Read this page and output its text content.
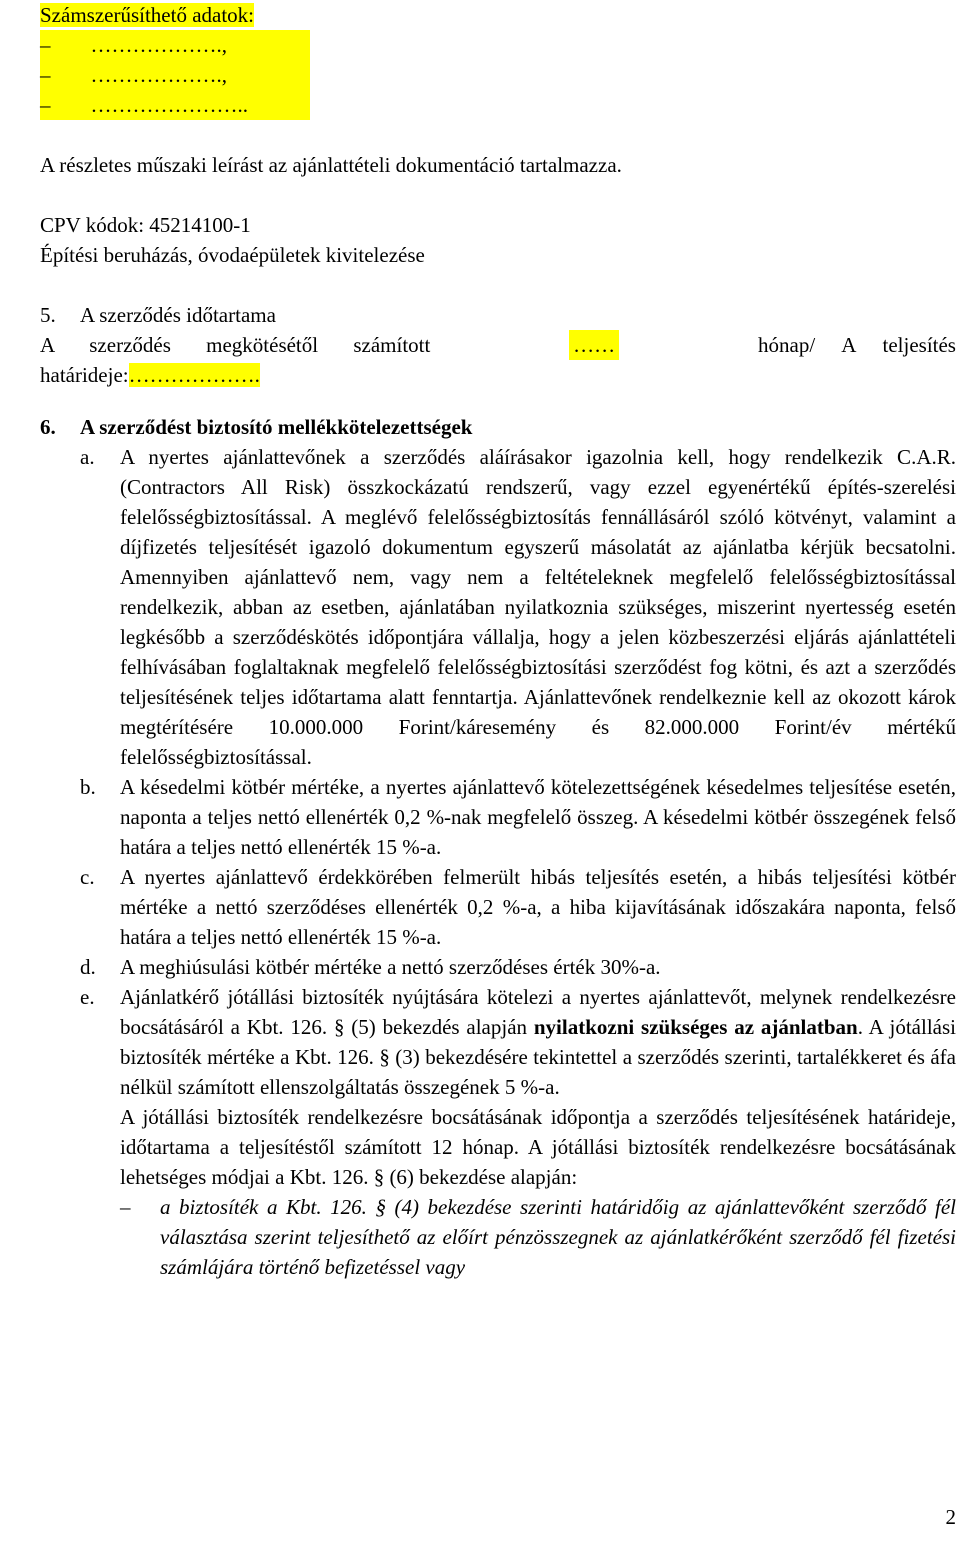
Számszerűsíthető adatok:
– ……………….,
– ……………….,
– …………………..
A részletes műszaki leírást az ajánlattételi dokumentáció tartalmazza.
CPV kódok: 45214100-1
Építési beruházás, óvodaépületek kivitelezése
5. A szerződés időtartama
A szerződés megkötésétől számított	……	hónap/ A teljesítés
határideje:……………….
6. A szerződést biztosító mellékkötelezettségek
a. A nyertes ajánlattevőnek a szerződés aláírásakor igazolnia kell, hogy rendelkezik C.A.R. (Contractors All Risk) összkockázatú rendszerű, vagy ezzel egyenértékű építés-szerelési felelősségbiztosítással. A meglévő felelősségbiztosítás fennállásáról szóló kötvényt, valamint a díjfizetés teljesítését igazoló dokumentum egyszerű másolatát az ajánlatba kérjük becsatolni. Amennyiben ajánlattevő nem, vagy nem a feltételeknek megfelelő felelősségbiztosítással rendelkezik, abban az esetben, ajánlatában nyilatkoznia szükséges, miszerint nyertesség esetén legkésőbb a szerződéskötés időpontjára vállalja, hogy a jelen közbeszerzési eljárás ajánlattételi felhívásában foglaltaknak megfelelő felelősségbiztosítási szerződést fog kötni, és azt a szerződés teljesítésének teljes időtartama alatt fenntartja. Ajánlattevőnek rendelkeznie kell az okozott károk megtérítésére 10.000.000 Forint/káresemény és 82.000.000 Forint/év mértékű felelősségbiztosítással.
b. A késedelmi kötbér mértéke, a nyertes ajánlattevő kötelezettségének késedelmes teljesítése esetén, naponta a teljes nettó ellenérték 0,2 %-nak megfelelő összeg. A késedelmi kötbér összegének felső határa a teljes nettó ellenérték 15 %-a.
c. A nyertes ajánlattevő érdekkörében felmerült hibás teljesítés esetén, a hibás teljesítési kötbér mértéke a nettó szerződéses ellenérték 0,2 %-a, a hiba kijavításának időszakára naponta, felső határa a teljes nettó ellenérték 15 %-a.
d. A meghiúsulási kötbér mértéke a nettó szerződéses érték 30%-a.
e. Ajánlatkérő jótállási biztosíték nyújtására kötelezi a nyertes ajánlattevőt, melynek rendelkezésre bocsátásáról a Kbt. 126. § (5) bekezdés alapján nyilatkozni szükséges az ajánlatban. A jótállási biztosíték mértéke a Kbt. 126. § (3) bekezdésére tekintettel a szerződés szerinti, tartalékkeret és áfa nélkül számított ellenszolgáltatás összegének 5 %-a.
A jótállási biztosíték rendelkezésre bocsátásának időpontja a szerződés teljesítésének határideje, időtartama a teljesítéstől számított 12 hónap. A jótállási biztosíték rendelkezésre bocsátásának lehetséges módjai a Kbt. 126. § (6) bekezdése alapján:
– a biztosíték a Kbt. 126. § (4) bekezdése szerinti határidőig az ajánlattevőként szerződő fél választása szerint teljesíthető az előírt pénzösszegnek az ajánlatkérőként szerződő fél fizetési számlájára történő befizetéssel vagy
2
